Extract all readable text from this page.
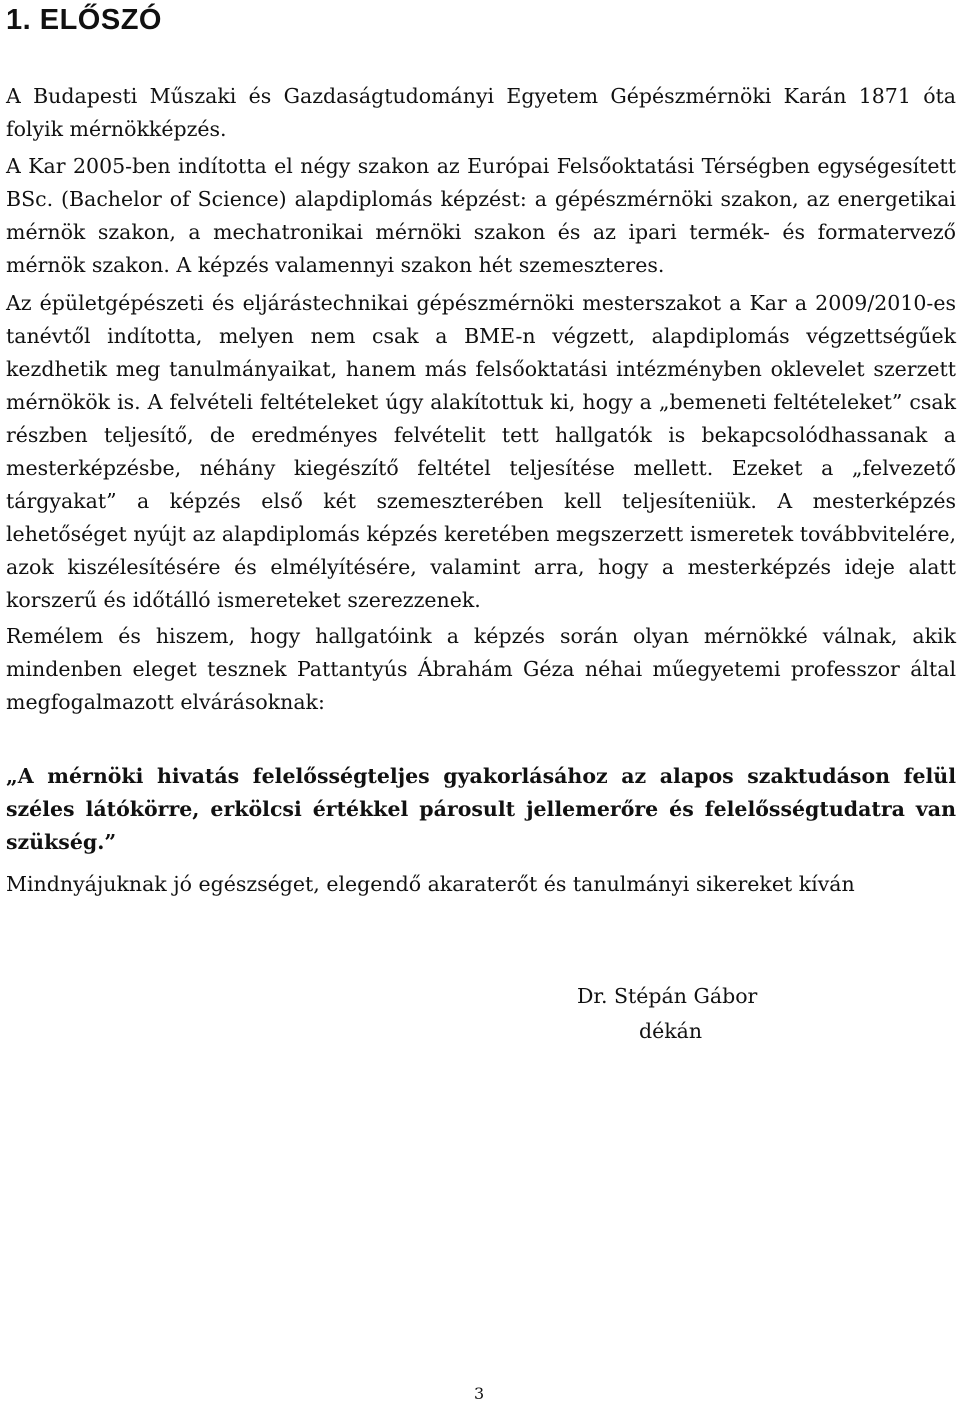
1. ELŐSZÓ

A Budapesti Műszaki és Gazdaságtudományi Egyetem Gépészmérnöki Karán 1871 óta folyik mérnökképzés.

A Kar 2005-ben indította el négy szakon az Európai Felsőoktatási Térségben egységesített BSc. (Bachelor of Science) alapdiplomás képzést: a gépészmérnöki szakon, az energetikai mérnök szakon, a mechatronikai mérnöki szakon és az ipari termék- és formatervező mérnök szakon. A képzés valamennyi szakon hét szemeszteres.

Az épületgépészeti és eljárástechnikai gépészmérnöki mesterszakot a Kar a 2009/2010-es tanévtől indította, melyen nem csak a BME-n végzett, alapdiplomás végzettségűek kezdhetik meg tanulmányaikat, hanem más felsőoktatási intézményben oklevelet szerzett mérnökök is. A felvételi feltételeket úgy alakítottuk ki, hogy a „bemeneti feltételeket” csak részben teljesítő, de eredményes felvételit tett hallgatók is bekapcsolódhassanak a mesterképzésbe, néhány kiegészítő feltétel teljesítése mellett. Ezeket a „felvezető tárgyakat” a képzés első két szemeszterében kell teljesíteniük. A mesterképzés lehetőséget nyújt az alapdiplomás képzés keretében megszerzett ismeretek továbbvitelére, azok kiszélesítésére és elmélyítésére, valamint arra, hogy a mesterképzés ideje alatt korszerű és időtálló ismereteket szerezzenek.

Remélem és hiszem, hogy hallgatóink a képzés során olyan mérnökké válnak, akik mindenben eleget tesznek Pattantyús Ábrahám Géza néhai műegyetemi professzor által megfogalmazott elvárásoknak:

„A mérnöki hivatás felelősségteljes gyakorlásához az alapos szaktudáson felül széles látókörre, erkölcsi értékkel párosult jellemerőre és felelősségtudatra van szükség.”

Mindnyájuknak jó egészséget, elegendő akaraterőt és tanulmányi sikereket kíván

Dr. Stépán Gábor

dékán

3
